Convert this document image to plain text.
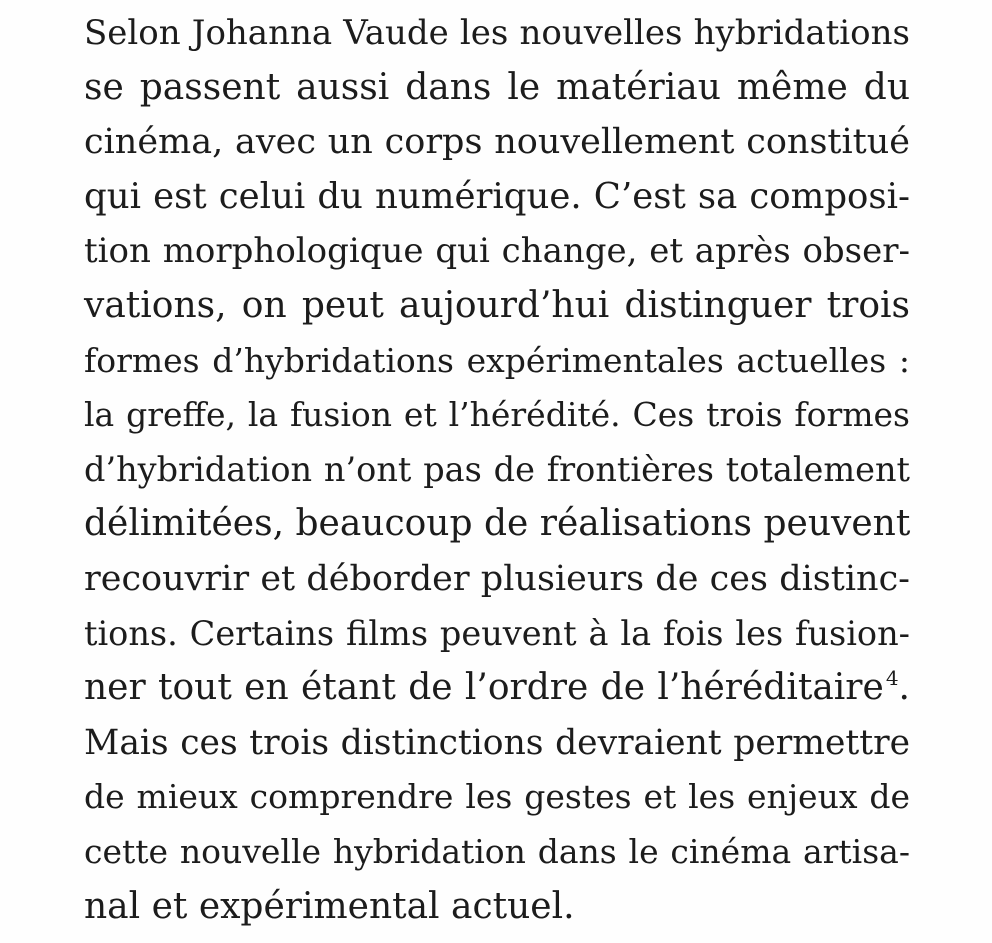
Selon Johanna Vaude les nouvelles hybridations
se passent aussi dans le matériau même du
cinéma, avec un corps nouvellement constitué
qui est celui du numérique. C’est sa composi-
tion morphologique qui change, et après obser-
vations, on peut aujourd’hui distinguer trois
formes d’hybridations expérimentales actuelles :
la greffe, la fusion et l’hérédité. Ces trois formes
d’hybridation n’ont pas de frontières totalement
délimitées, beaucoup de réalisations peuvent
recouvrir et déborder plusieurs de ces distinc-
tions. Certains films peuvent à la fois les fusion-
ner tout en étant de l’ordre de l’héréditaire $^4$.
Mais ces trois distinctions devraient permettre
de mieux comprendre les gestes et les enjeux de
cette nouvelle hybridation dans le cinéma artisa-
nal et expérimental actuel.
